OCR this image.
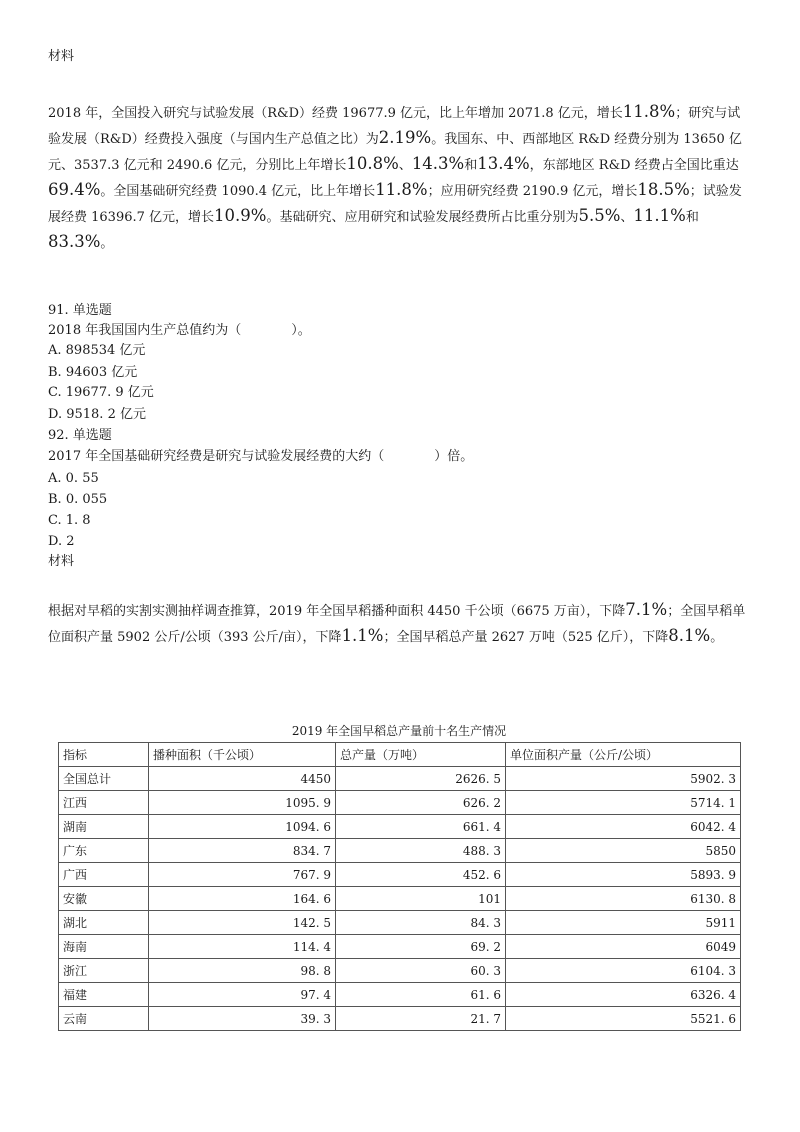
材料
2018 年，全国投入研究与试验发展（R&D）经费 19677.9 亿元，比上年增加 2071.8 亿元，增长11.8%；研究与试验发展（R&D）经费投入强度（与国内生产总值之比）为2.19%。我国东、中、西部地区 R&D 经费分别为 13650 亿元、3537.3 亿元和 2490.6 亿元，分别比上年增长10.8%、14.3%和13.4%，东部地区 R&D 经费占全国比重达69.4%。全国基础研究经费 1090.4 亿元，比上年增长11.8%；应用研究经费 2190.9 亿元，增长18.5%；试验发展经费 16396.7 亿元，增长10.9%。基础研究、应用研究和试验发展经费所占比重分别为5.5%、11.1%和83.3%。
91. 单选题
2018 年我国国内生产总值约为（	）。
A. 898534 亿元
B. 94603 亿元
C. 19677. 9 亿元
D. 9518. 2 亿元
92. 单选题
2017 年全国基础研究经费是研究与试验发展经费的大约（	）倍。
A. 0. 55
B. 0. 055
C. 1. 8
D. 2
材料
根据对早稻的实割实测抽样调查推算，2019 年全国早稻播种面积 4450 千公顷（6675 万亩），下降7.1%；全国早稻单位面积产量 5902 公斤/公顷（393 公斤/亩），下降1.1%；全国早稻总产量 2627 万吨（525 亿斤），下降8.1%。
2019 年全国早稻总产量前十名生产情况
指标	播种面积（千公顷）	总产量（万吨）	单位面积产量（公斤/公顷）
全国总计	4450	2626. 5	5902. 3
江西	1095. 9	626. 2	5714. 1
湖南	1094. 6	661. 4	6042. 4
广东	834. 7	488. 3	5850
广西	767. 9	452. 6	5893. 9
安徽	164. 6	101	6130. 8
湖北	142. 5	84. 3	5911
海南	114. 4	69. 2	6049
浙江	98. 8	60. 3	6104. 3
福建	97. 4	61. 6	6326. 4
云南	39. 3	21. 7	5521. 6
